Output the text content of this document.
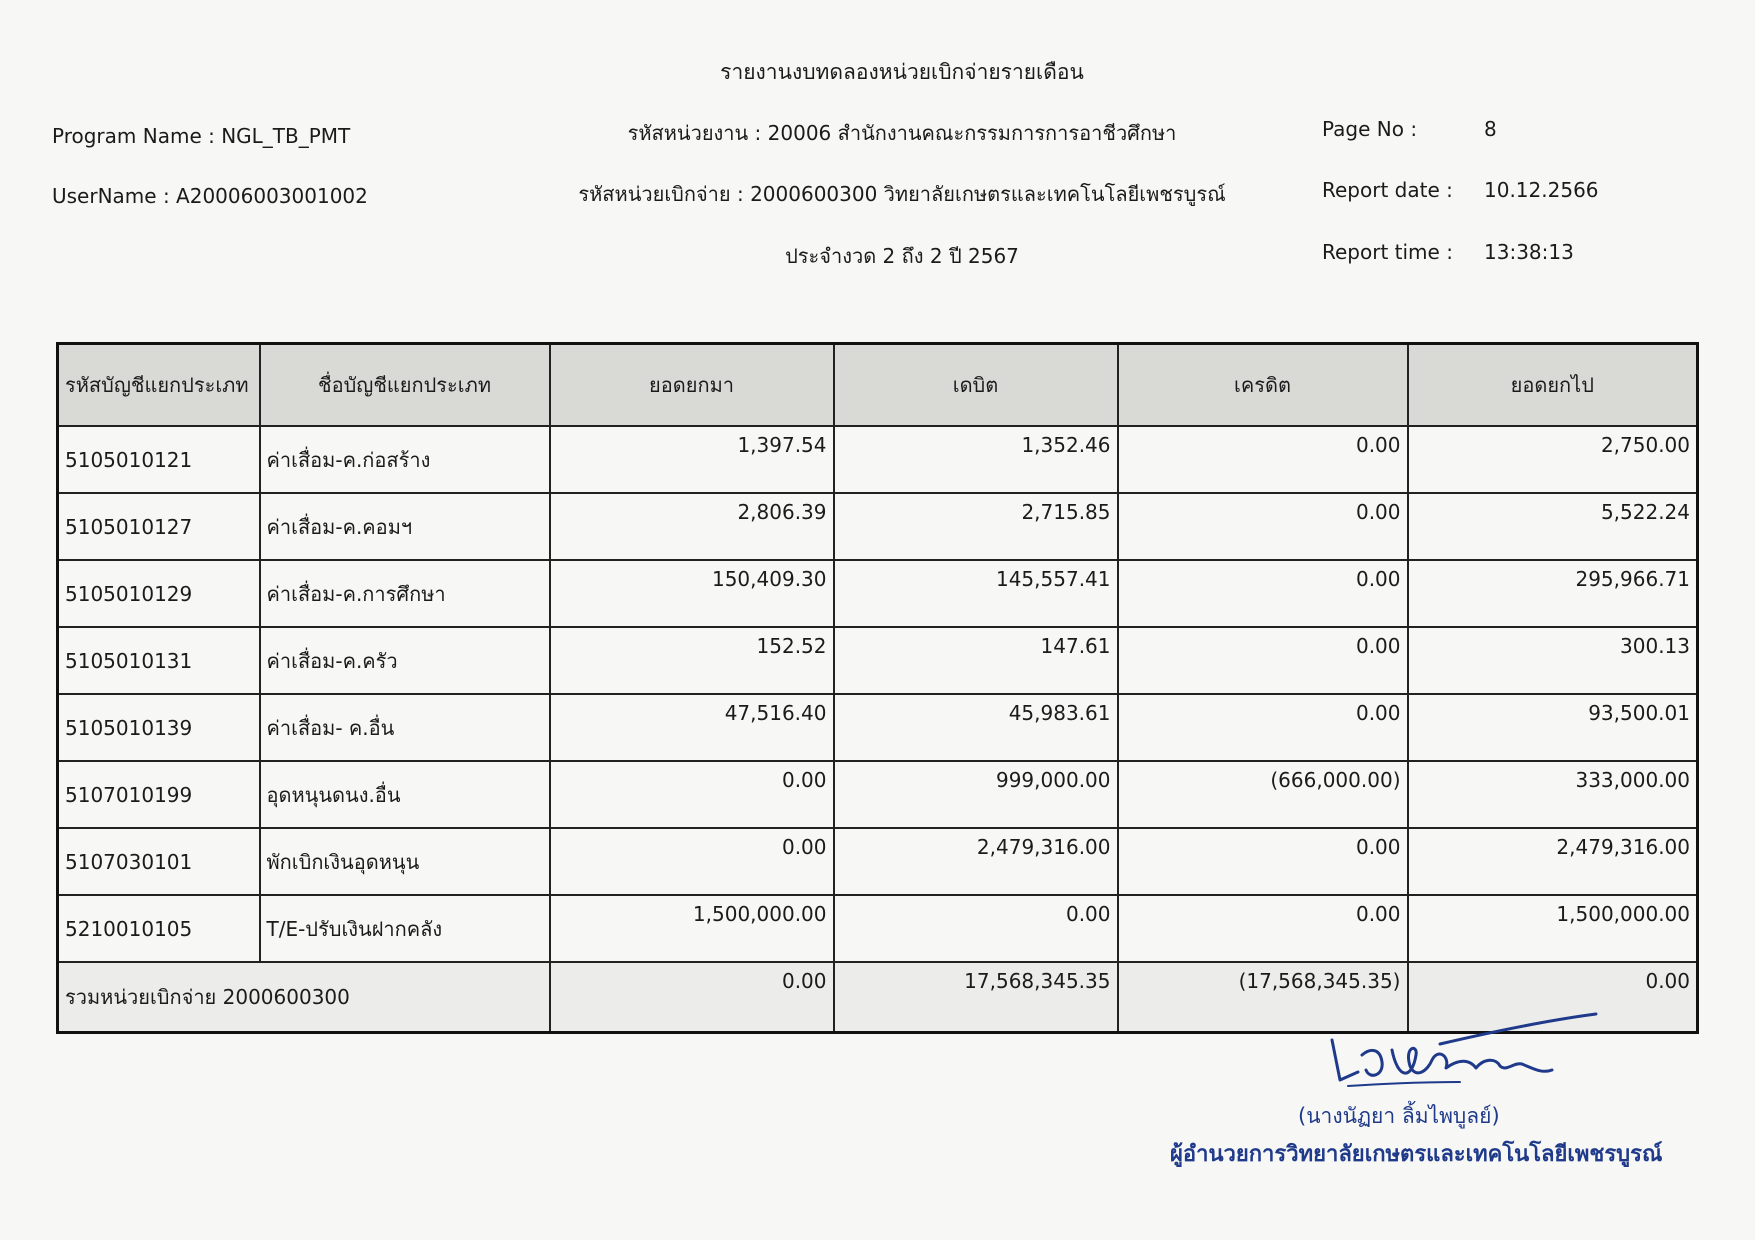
รายงานงบทดลองหน่วยเบิกจ่ายรายเดือน
Program Name : NGL_TB_PMT
UserName : A20006003001002
รหัสหน่วยงาน : 20006 สำนักงานคณะกรรมการการอาชีวศึกษา
รหัสหน่วยเบิกจ่าย : 2000600300 วิทยาลัยเกษตรและเทคโนโลยีเพชรบูรณ์
ประจำงวด 2 ถึง 2 ปี 2567
Page No :	8
Report date : 10.12.2566
Report time : 13:38:13
รหัสบัญชีแยกประเภท	ชื่อบัญชีแยกประเภท	ยอดยกมา	เดบิต	เครดิต	ยอดยกไป
5105010121	ค่าเสื่อม-ค.ก่อสร้าง	1,397.54	1,352.46	0.00	2,750.00
5105010127	ค่าเสื่อม-ค.คอมฯ	2,806.39	2,715.85	0.00	5,522.24
5105010129	ค่าเสื่อม-ค.การศึกษา	150,409.30	145,557.41	0.00	295,966.71
5105010131	ค่าเสื่อม-ค.ครัว	152.52	147.61	0.00	300.13
5105010139	ค่าเสื่อม- ค.อื่น	47,516.40	45,983.61	0.00	93,500.01
5107010199	อุดหนุนดนง.อื่น	0.00	999,000.00	(666,000.00)	333,000.00
5107030101	พักเบิกเงินอุดหนุน	0.00	2,479,316.00	0.00	2,479,316.00
5210010105	T/E-ปรับเงินฝากคลัง	1,500,000.00	0.00	0.00	1,500,000.00
รวมหน่วยเบิกจ่าย 2000600300		0.00	17,568,345.35	(17,568,345.35)	0.00
(นางนัฏยา ลิ้มไพบูลย์)
ผู้อำนวยการวิทยาลัยเกษตรและเทคโนโลยีเพชรบูรณ์
